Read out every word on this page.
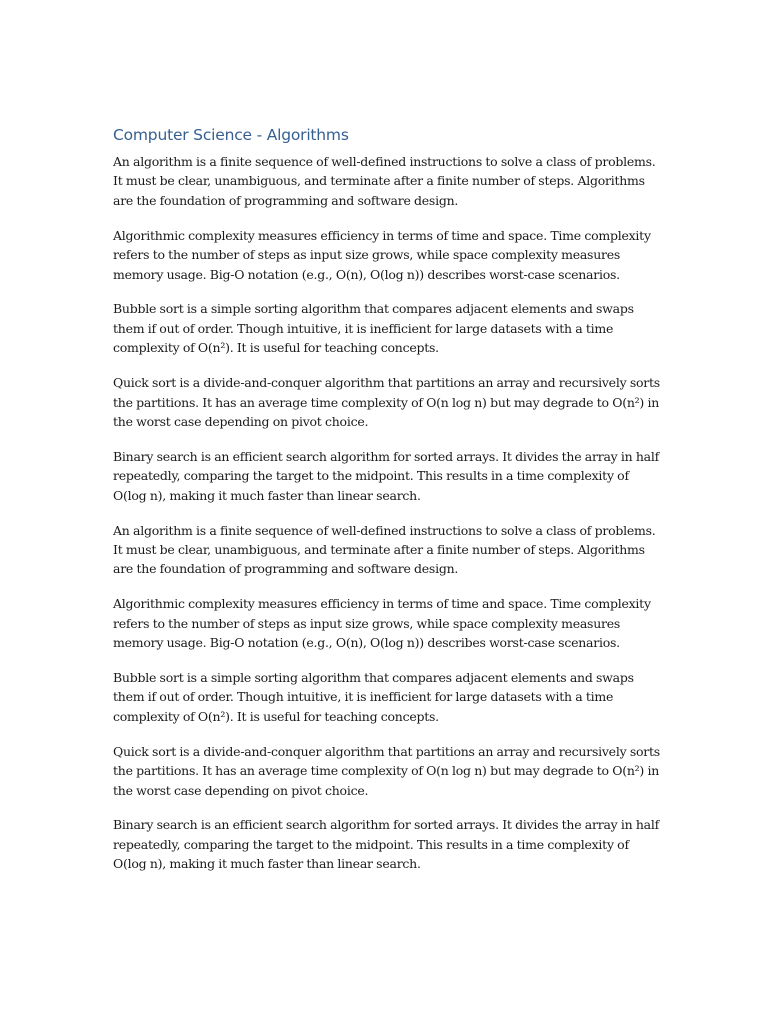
Computer Science - Algorithms

An algorithm is a finite sequence of well-defined instructions to solve a class of problems. It must be clear, unambiguous, and terminate after a finite number of steps. Algorithms are the foundation of programming and software design.

Algorithmic complexity measures efficiency in terms of time and space. Time complexity refers to the number of steps as input size grows, while space complexity measures memory usage. Big-O notation (e.g., O(n), O(log n)) describes worst-case scenarios.

Bubble sort is a simple sorting algorithm that compares adjacent elements and swaps them if out of order. Though intuitive, it is inefficient for large datasets with a time complexity of O(n²). It is useful for teaching concepts.

Quick sort is a divide-and-conquer algorithm that partitions an array and recursively sorts the partitions. It has an average time complexity of O(n log n) but may degrade to O(n²) in the worst case depending on pivot choice.

Binary search is an efficient search algorithm for sorted arrays. It divides the array in half repeatedly, comparing the target to the midpoint. This results in a time complexity of O(log n), making it much faster than linear search.

An algorithm is a finite sequence of well-defined instructions to solve a class of problems. It must be clear, unambiguous, and terminate after a finite number of steps. Algorithms are the foundation of programming and software design.

Algorithmic complexity measures efficiency in terms of time and space. Time complexity refers to the number of steps as input size grows, while space complexity measures memory usage. Big-O notation (e.g., O(n), O(log n)) describes worst-case scenarios.

Bubble sort is a simple sorting algorithm that compares adjacent elements and swaps them if out of order. Though intuitive, it is inefficient for large datasets with a time complexity of O(n²). It is useful for teaching concepts.

Quick sort is a divide-and-conquer algorithm that partitions an array and recursively sorts the partitions. It has an average time complexity of O(n log n) but may degrade to O(n²) in the worst case depending on pivot choice.

Binary search is an efficient search algorithm for sorted arrays. It divides the array in half repeatedly, comparing the target to the midpoint. This results in a time complexity of O(log n), making it much faster than linear search.
